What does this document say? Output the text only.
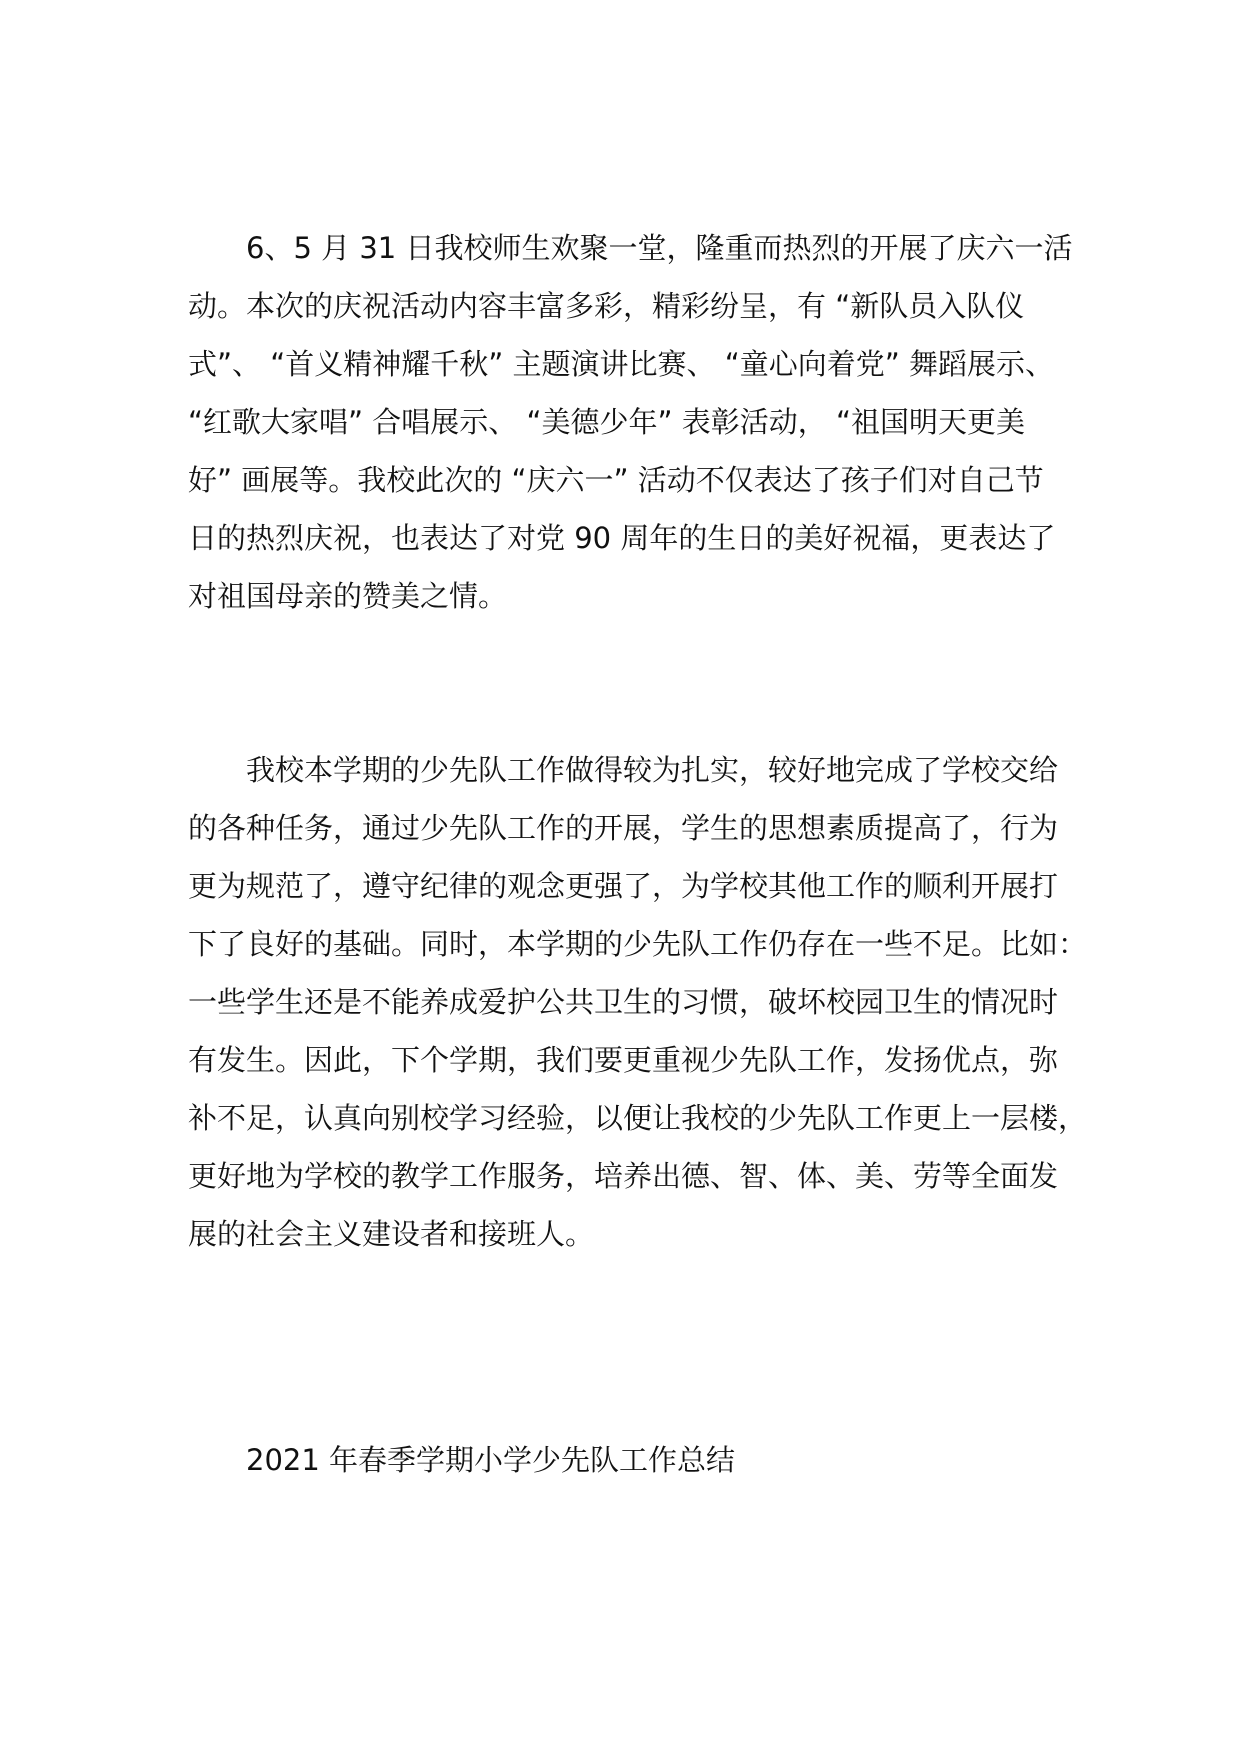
6、5 月 31 日我校师生欢聚一堂，隆重而热烈的开展了庆六一活

动。本次的庆祝活动内容丰富多彩，精彩纷呈，有 “新队员入队仪

式”、 “首义精神耀千秋” 主题演讲比赛、 “童心向着党” 舞蹈展示、

“红歌大家唱” 合唱展示、 “美德少年” 表彰活动， “祖国明天更美

好” 画展等。我校此次的 “庆六一” 活动不仅表达了孩子们对自己节

日的热烈庆祝，也表达了对党 90 周年的生日的美好祝福，更表达了

对祖国母亲的赞美之情。

我校本学期的少先队工作做得较为扎实，较好地完成了学校交给

的各种任务，通过少先队工作的开展，学生的思想素质提高了，行为

更为规范了，遵守纪律的观念更强了，为学校其他工作的顺利开展打

下了良好的基础。同时，本学期的少先队工作仍存在一些不足。比如：

一些学生还是不能养成爱护公共卫生的习惯，破坏校园卫生的情况时

有发生。因此，下个学期，我们要更重视少先队工作，发扬优点，弥

补不足，认真向别校学习经验，以便让我校的少先队工作更上一层楼，

更好地为学校的教学工作服务，培养出德、智、体、美、劳等全面发

展的社会主义建设者和接班人。

2021 年春季学期小学少先队工作总结
